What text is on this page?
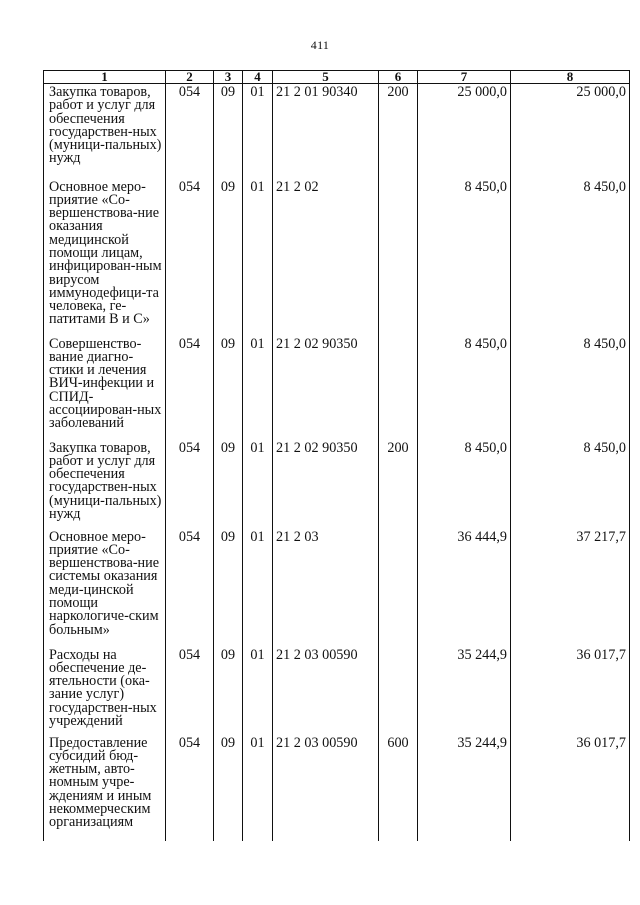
411
1	2	3	4	5	6	7	8

Закупка товаров, работ и услуг для обеспечения государствен-ных (муници-пальных) нужд	054	09	01	21 2 01 90340	200	25 000,0	25 000,0

Основное меро-приятие «Со-вершенствова-ние оказания медицинской помощи лицам, инфицирован-ным вирусом иммунодефици-та человека, ге-патитами В и С»	054	09	01	21 2 02		8 450,0	8 450,0

Совершенство-вание диагно-стики и лечения ВИЧ-инфекции и СПИД-ассоциирован-ных заболеваний	054	09	01	21 2 02 90350		8 450,0	8 450,0

Закупка товаров, работ и услуг для обеспечения государствен-ных (муници-пальных) нужд	054	09	01	21 2 02 90350	200	8 450,0	8 450,0

Основное меро-приятие «Со-вершенствова-ние системы оказания меди-цинской помощи наркологиче-ским больным»	054	09	01	21 2 03		36 444,9	37 217,7

Расходы на обеспечение де-ятельности (ока-зание услуг) государствен-ных учреждений	054	09	01	21 2 03 00590		35 244,9	36 017,7

Предоставление субсидий бюд-жетным, авто-номным учре-ждениям и иным некоммерческим организациям	054	09	01	21 2 03 00590	600	35 244,9	36 017,7
